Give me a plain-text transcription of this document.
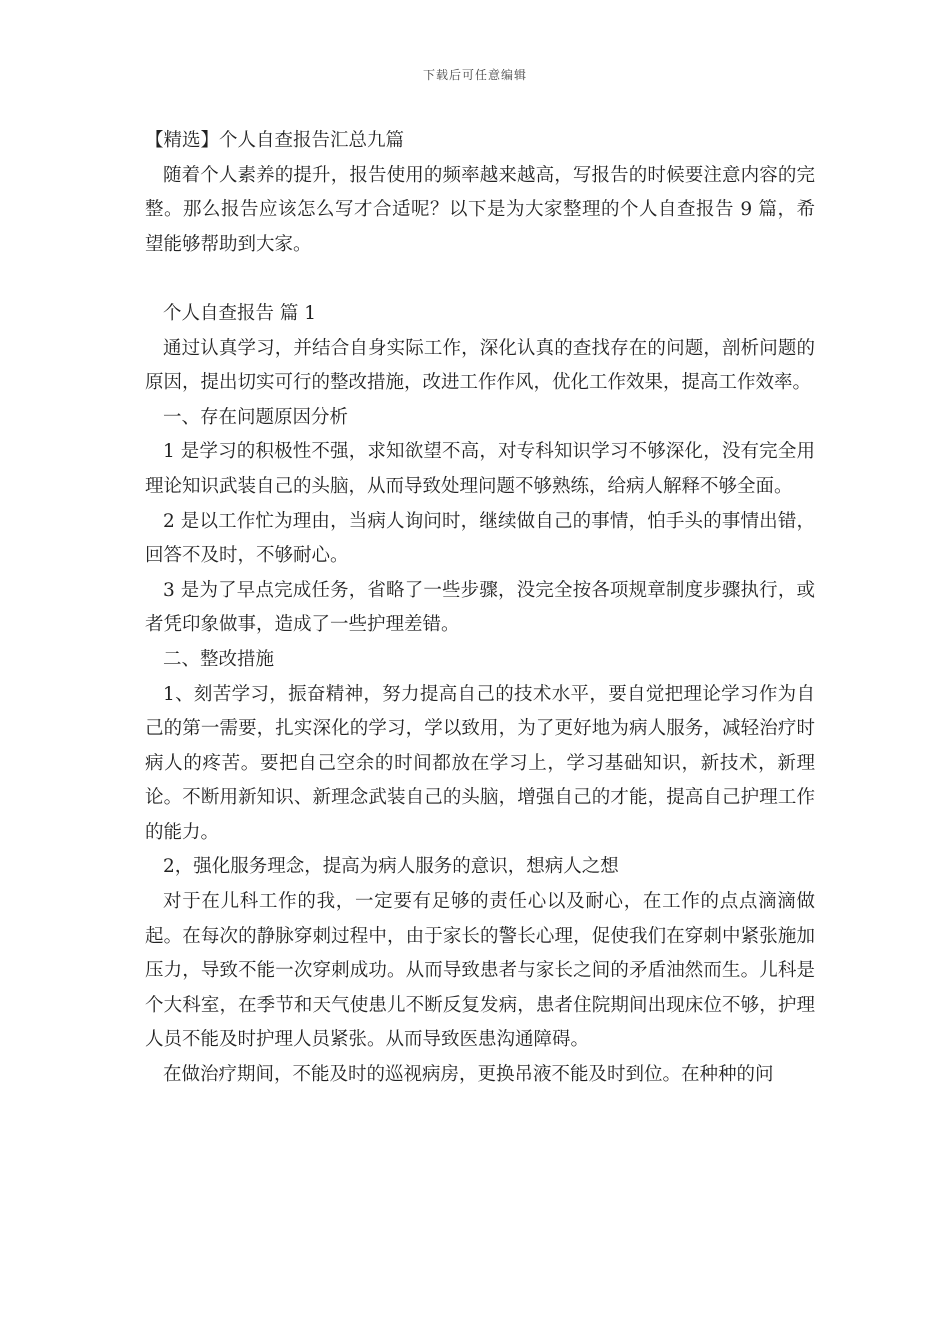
下载后可任意编辑

【精选】个人自查报告汇总九篇

随着个人素养的提升，报告使用的频率越来越高，写报告的时候要注意内容的完整。那么报告应该怎么写才合适呢？以下是为大家整理的个人自查报告 9 篇，希望能够帮助到大家。

个人自查报告 篇 1

通过认真学习，并结合自身实际工作，深化认真的查找存在的问题，剖析问题的原因，提出切实可行的整改措施，改进工作作风，优化工作效果，提高工作效率。

一、存在问题原因分析

1 是学习的积极性不强，求知欲望不高，对专科知识学习不够深化，没有完全用理论知识武装自己的头脑，从而导致处理问题不够熟练，给病人解释不够全面。

2 是以工作忙为理由，当病人询问时，继续做自己的事情，怕手头的事情出错，回答不及时，不够耐心。

3 是为了早点完成任务，省略了一些步骤，没完全按各项规章制度步骤执行，或者凭印象做事，造成了一些护理差错。

二、整改措施

1、刻苦学习，振奋精神，努力提高自己的技术水平，要自觉把理论学习作为自己的第一需要，扎实深化的学习，学以致用，为了更好地为病人服务，减轻治疗时病人的疼苦。要把自己空余的时间都放在学习上，学习基础知识，新技术，新理论。不断用新知识、新理念武装自己的头脑，增强自己的才能，提高自己护理工作的能力。

2，强化服务理念，提高为病人服务的意识，想病人之想

对于在儿科工作的我，一定要有足够的责任心以及耐心，在工作的点点滴滴做起。在每次的静脉穿刺过程中，由于家长的警长心理，促使我们在穿刺中紧张施加压力，导致不能一次穿刺成功。从而导致患者与家长之间的矛盾油然而生。儿科是个大科室，在季节和天气使患儿不断反复发病，患者住院期间出现床位不够，护理人员不能及时护理人员紧张。从而导致医患沟通障碍。

在做治疗期间，不能及时的巡视病房，更换吊液不能及时到位。在种种的问
